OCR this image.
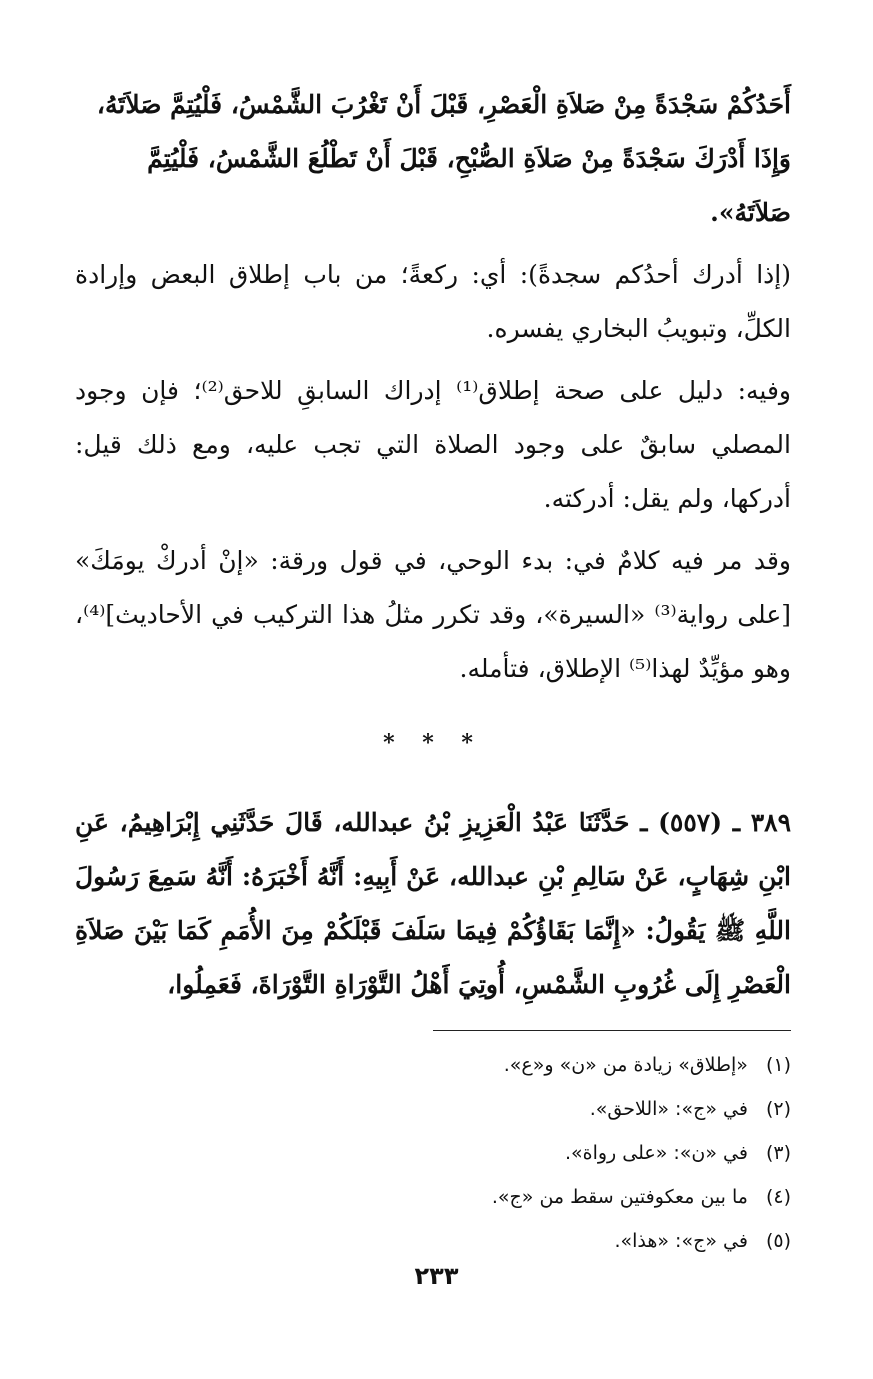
أَحَدُكُمْ سَجْدَةً مِنْ صَلاَةِ الْعَصْرِ، قَبْلَ أَنْ تَغْرُبَ الشَّمْسُ، فَلْيُتِمَّ صَلاَتَهُ،

وَإِذَا أَدْرَكَ سَجْدَةً مِنْ صَلاَةِ الصُّبْحِ، قَبْلَ أَنْ تَطْلُعَ الشَّمْسُ، فَلْيُتِمَّ صَلاَتَهُ».

(إذا أدرك أحدُكم سجدةً): أي: ركعةً؛ من باب إطلاق البعض وإرادة الكلِّ، وتبويبُ البخاري يفسره.

وفيه: دليل على صحة إطلاق⁽¹⁾ إدراك السابقِ للاحق⁽²⁾؛ فإن وجود المصلي سابقٌ على وجود الصلاة التي تجب عليه، ومع ذلك قيل: أدركها، ولم يقل: أدركته.

وقد مر فيه كلامٌ في: بدء الوحي، في قول ورقة: «إنْ أدركْ يومَكَ» [على رواية⁽³⁾ «السيرة»، وقد تكرر مثلُ هذا التركيب في الأحاديث]⁽⁴⁾، وهو مؤيِّدٌ لهذا⁽⁵⁾ الإطلاق، فتأمله.

* * *

٣٨٩ ـ (٥٥٧) ـ حَدَّثَنَا عَبْدُ الْعَزِيزِ بْنُ عبدالله، قَالَ حَدَّثَنِي إِبْرَاهِيمُ، عَنِ ابْنِ شِهَابٍ، عَنْ سَالِمِ بْنِ عبدالله، عَنْ أَبِيهِ: أَنَّهُ أَخْبَرَهُ: أَنَّهُ سَمِعَ رَسُولَ اللَّهِ ﷺ يَقُولُ: «إِنَّمَا بَقَاؤُكُمْ فِيمَا سَلَفَ قَبْلَكُمْ مِنَ الأُمَمِ كَمَا بَيْنَ صَلاَةِ الْعَصْرِ إِلَى غُرُوبِ الشَّمْسِ، أُوتِيَ أَهْلُ التَّوْرَاةِ التَّوْرَاةَ، فَعَمِلُوا،

(١)«إطلاق» زيادة من «ن» و«ع».
(٢)في «ج»: «اللاحق».
(٣)في «ن»: «على رواة».
(٤)ما بين معكوفتين سقط من «ج».
(٥)في «ج»: «هذا».
٢٣٣
